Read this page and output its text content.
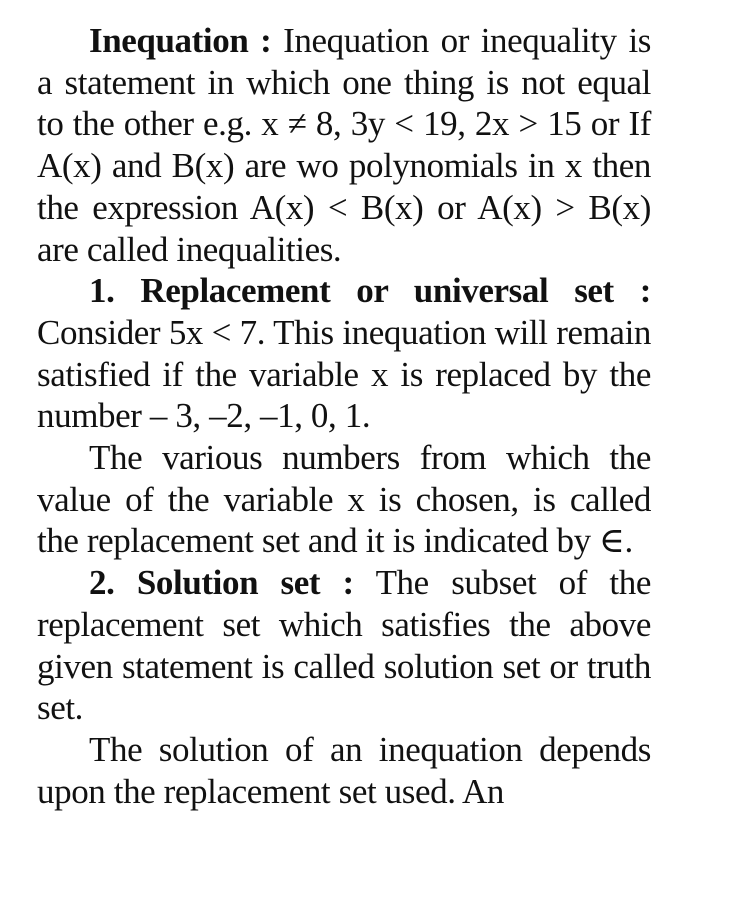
Inequation : Inequation or inequality is a statement in which one thing is not equal to the other e.g. x ≠ 8, 3y < 19, 2x > 15 or If A(x) and B(x) are wo polynomials in x then the expression A(x) < B(x) or A(x) > B(x) are called inequalities.

1. Replacement or universal set : Consider 5x < 7. This inequation will remain satisfied if the variable x is replaced by the number – 3, –2, –1, 0, 1.

The various numbers from which the value of the variable x is chosen, is called the replacement set and it is indicated by ∈.

2. Solution set : The subset of the replacement set which satisfies the above given statement is called solution set or truth set.

The solution of an inequation depends upon the replacement set used. An
